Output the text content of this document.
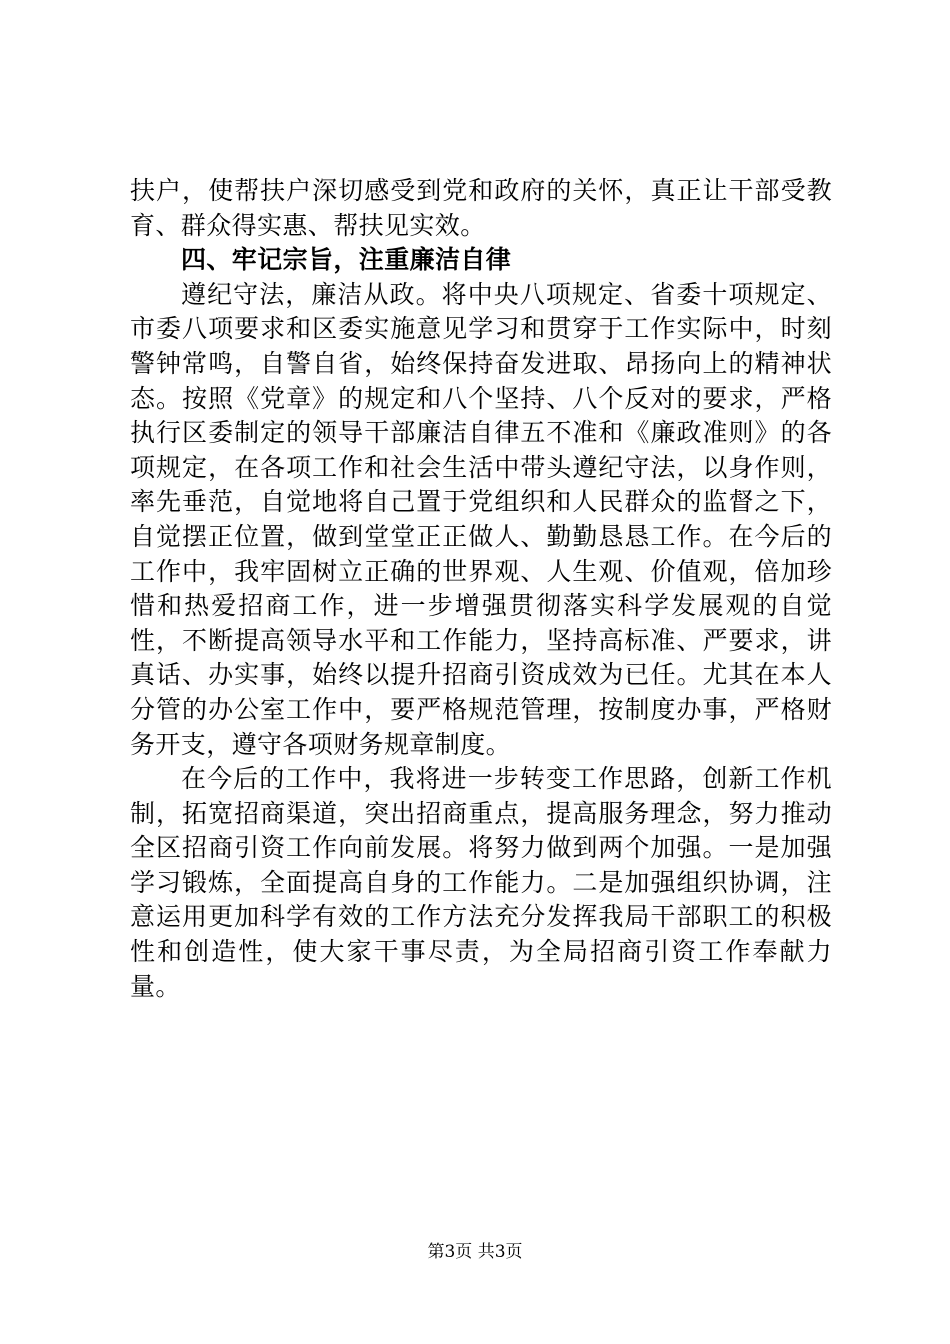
扶户，使帮扶户深切感受到党和政府的关怀，真正让干部受教育、群众得实惠、帮扶见实效。

四、牢记宗旨，注重廉洁自律

遵纪守法，廉洁从政。将中央八项规定、省委十项规定、市委八项要求和区委实施意见学习和贯穿于工作实际中，时刻警钟常鸣，自警自省，始终保持奋发进取、昂扬向上的精神状态。按照《党章》的规定和八个坚持、八个反对的要求，严格执行区委制定的领导干部廉洁自律五不准和《廉政准则》的各项规定，在各项工作和社会生活中带头遵纪守法，以身作则，率先垂范，自觉地将自己置于党组织和人民群众的监督之下，自觉摆正位置，做到堂堂正正做人、勤勤恳恳工作。在今后的工作中，我牢固树立正确的世界观、人生观、价值观，倍加珍惜和热爱招商工作，进一步增强贯彻落实科学发展观的自觉性，不断提高领导水平和工作能力，坚持高标准、严要求，讲真话、办实事，始终以提升招商引资成效为已任。尤其在本人分管的办公室工作中，要严格规范管理，按制度办事，严格财务开支，遵守各项财务规章制度。

在今后的工作中，我将进一步转变工作思路，创新工作机制，拓宽招商渠道，突出招商重点，提高服务理念，努力推动全区招商引资工作向前发展。将努力做到两个加强。一是加强学习锻炼，全面提高自身的工作能力。二是加强组织协调，注意运用更加科学有效的工作方法充分发挥我局干部职工的积极性和创造性，使大家干事尽责，为全局招商引资工作奉献力量。

第3页 共3页
